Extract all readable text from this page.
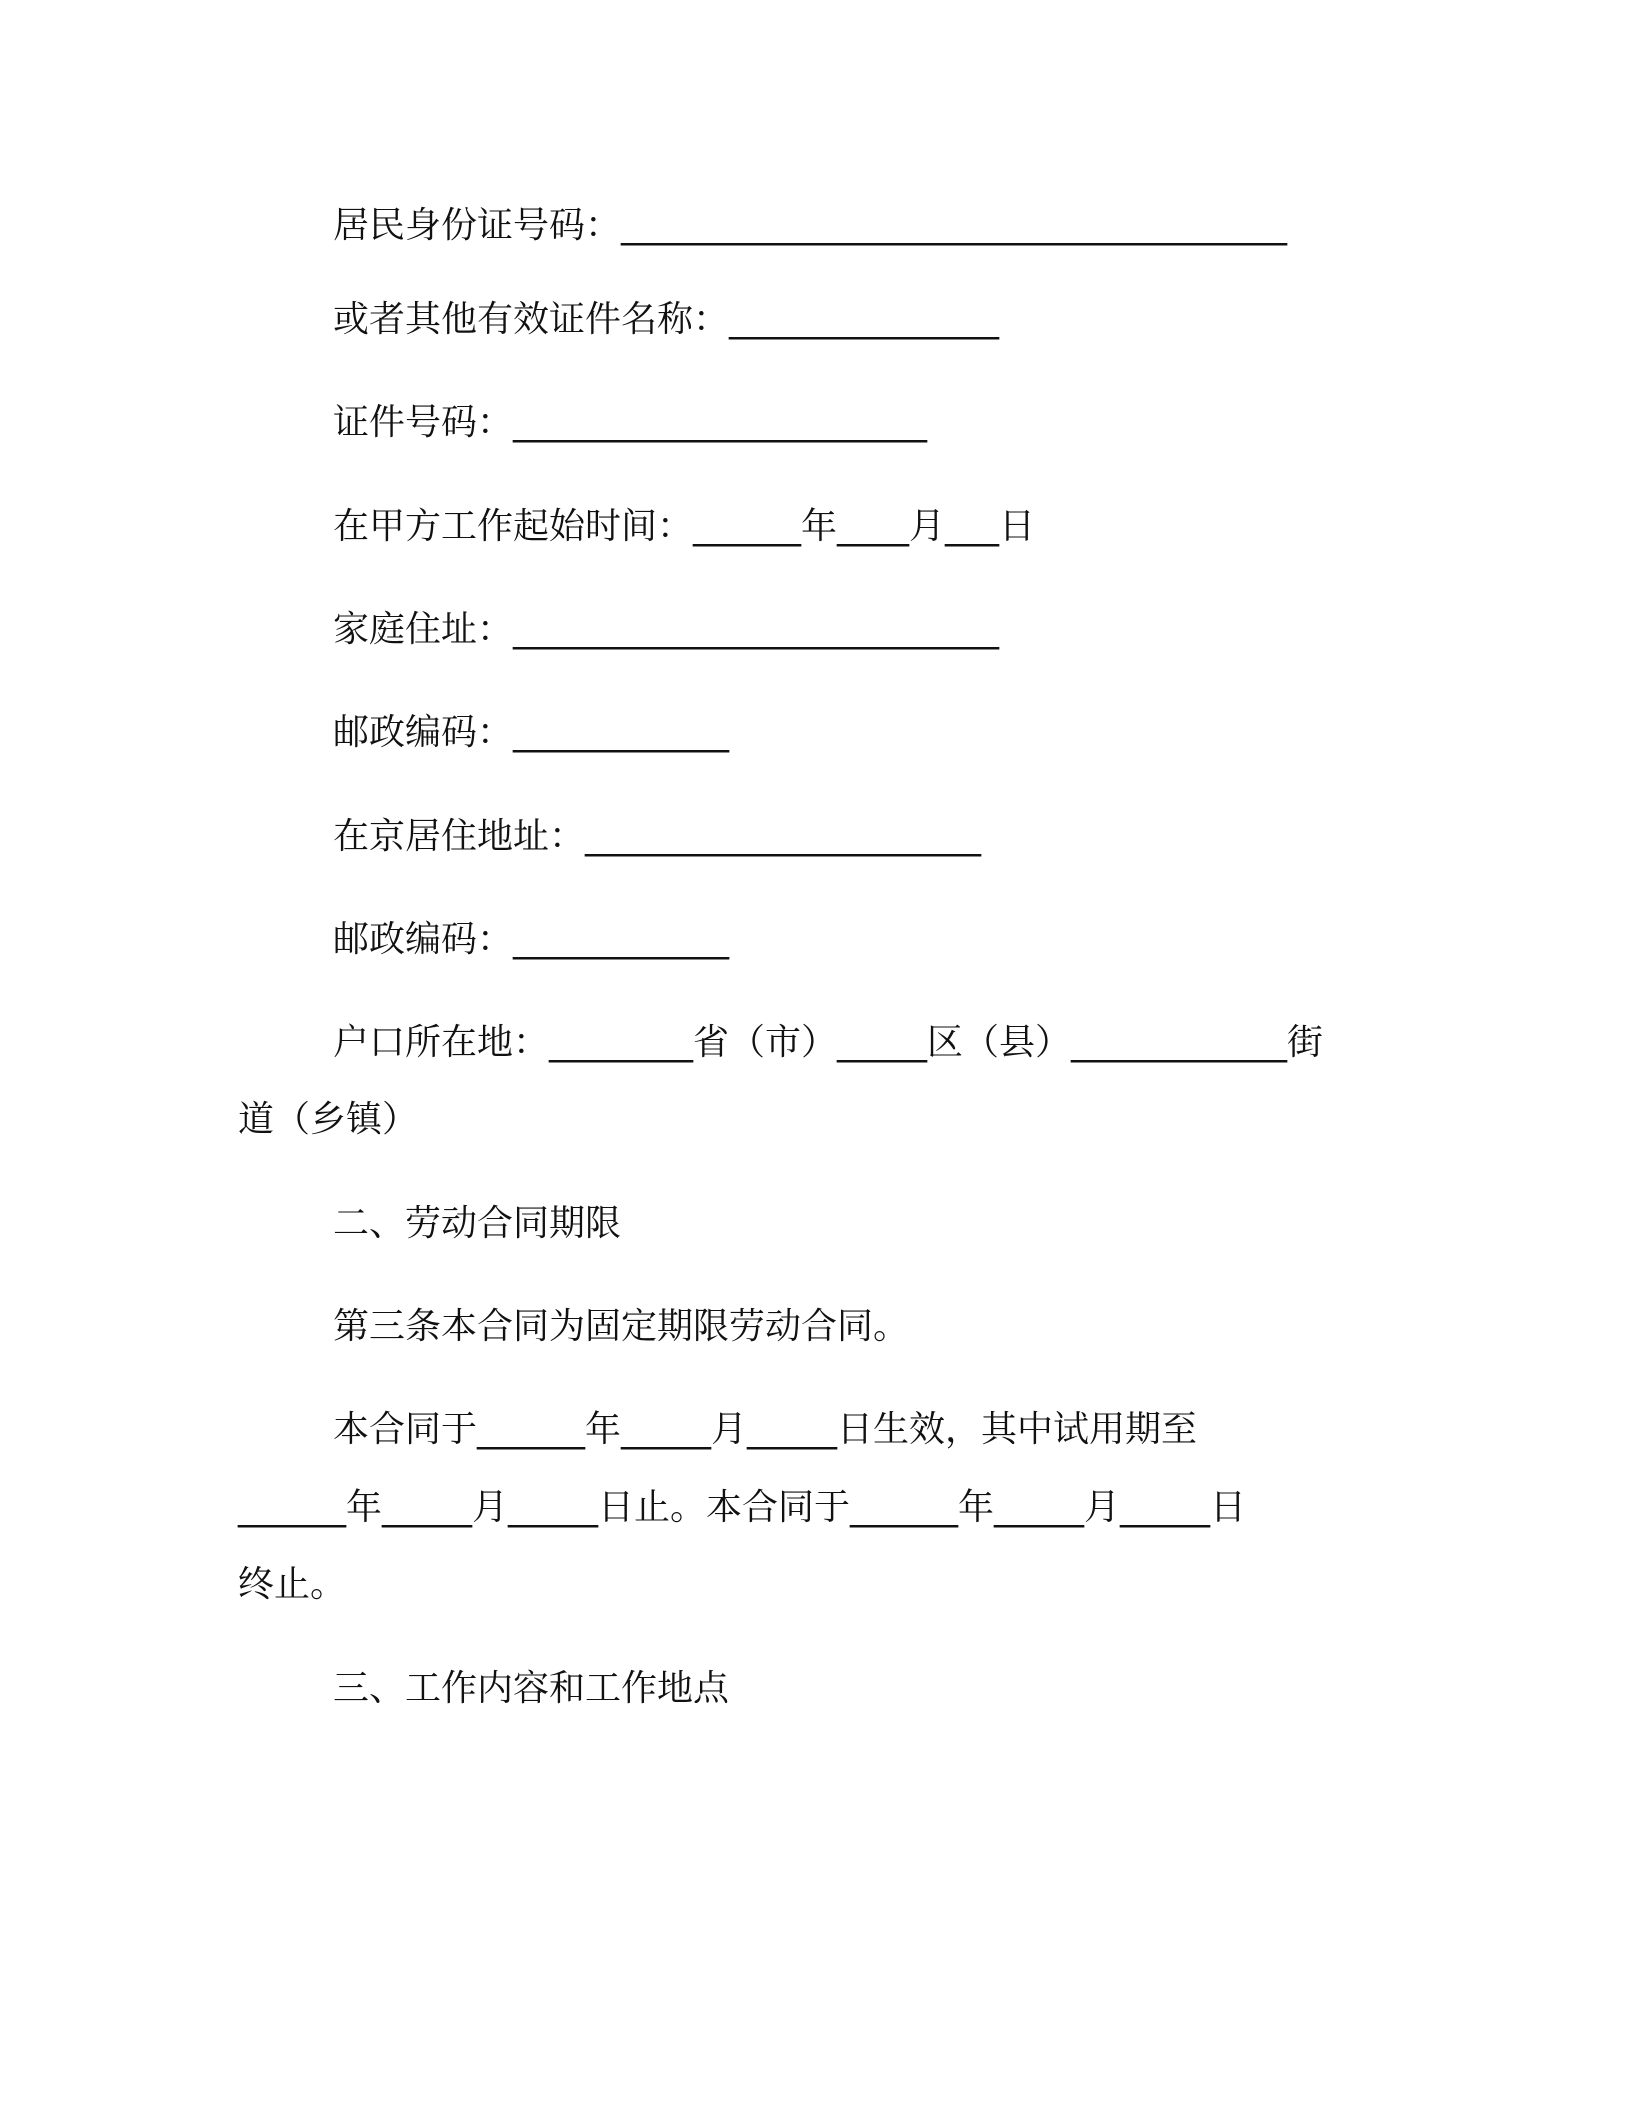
居民身份证号码：_____________________________________
或者其他有效证件名称：_______________
证件号码：_______________________
在甲方工作起始时间：______年____月___日
家庭住址：___________________________
邮政编码：____________
在京居住地址：______________________
邮政编码：____________
户口所在地：________省（市）_____区（县）____________街
道（乡镇）
二、劳动合同期限
第三条本合同为固定期限劳动合同。
本合同于______年_____月_____日生效，其中试用期至
______年_____月_____日止。本合同于______年_____月_____日
终止。
三、工作内容和工作地点
